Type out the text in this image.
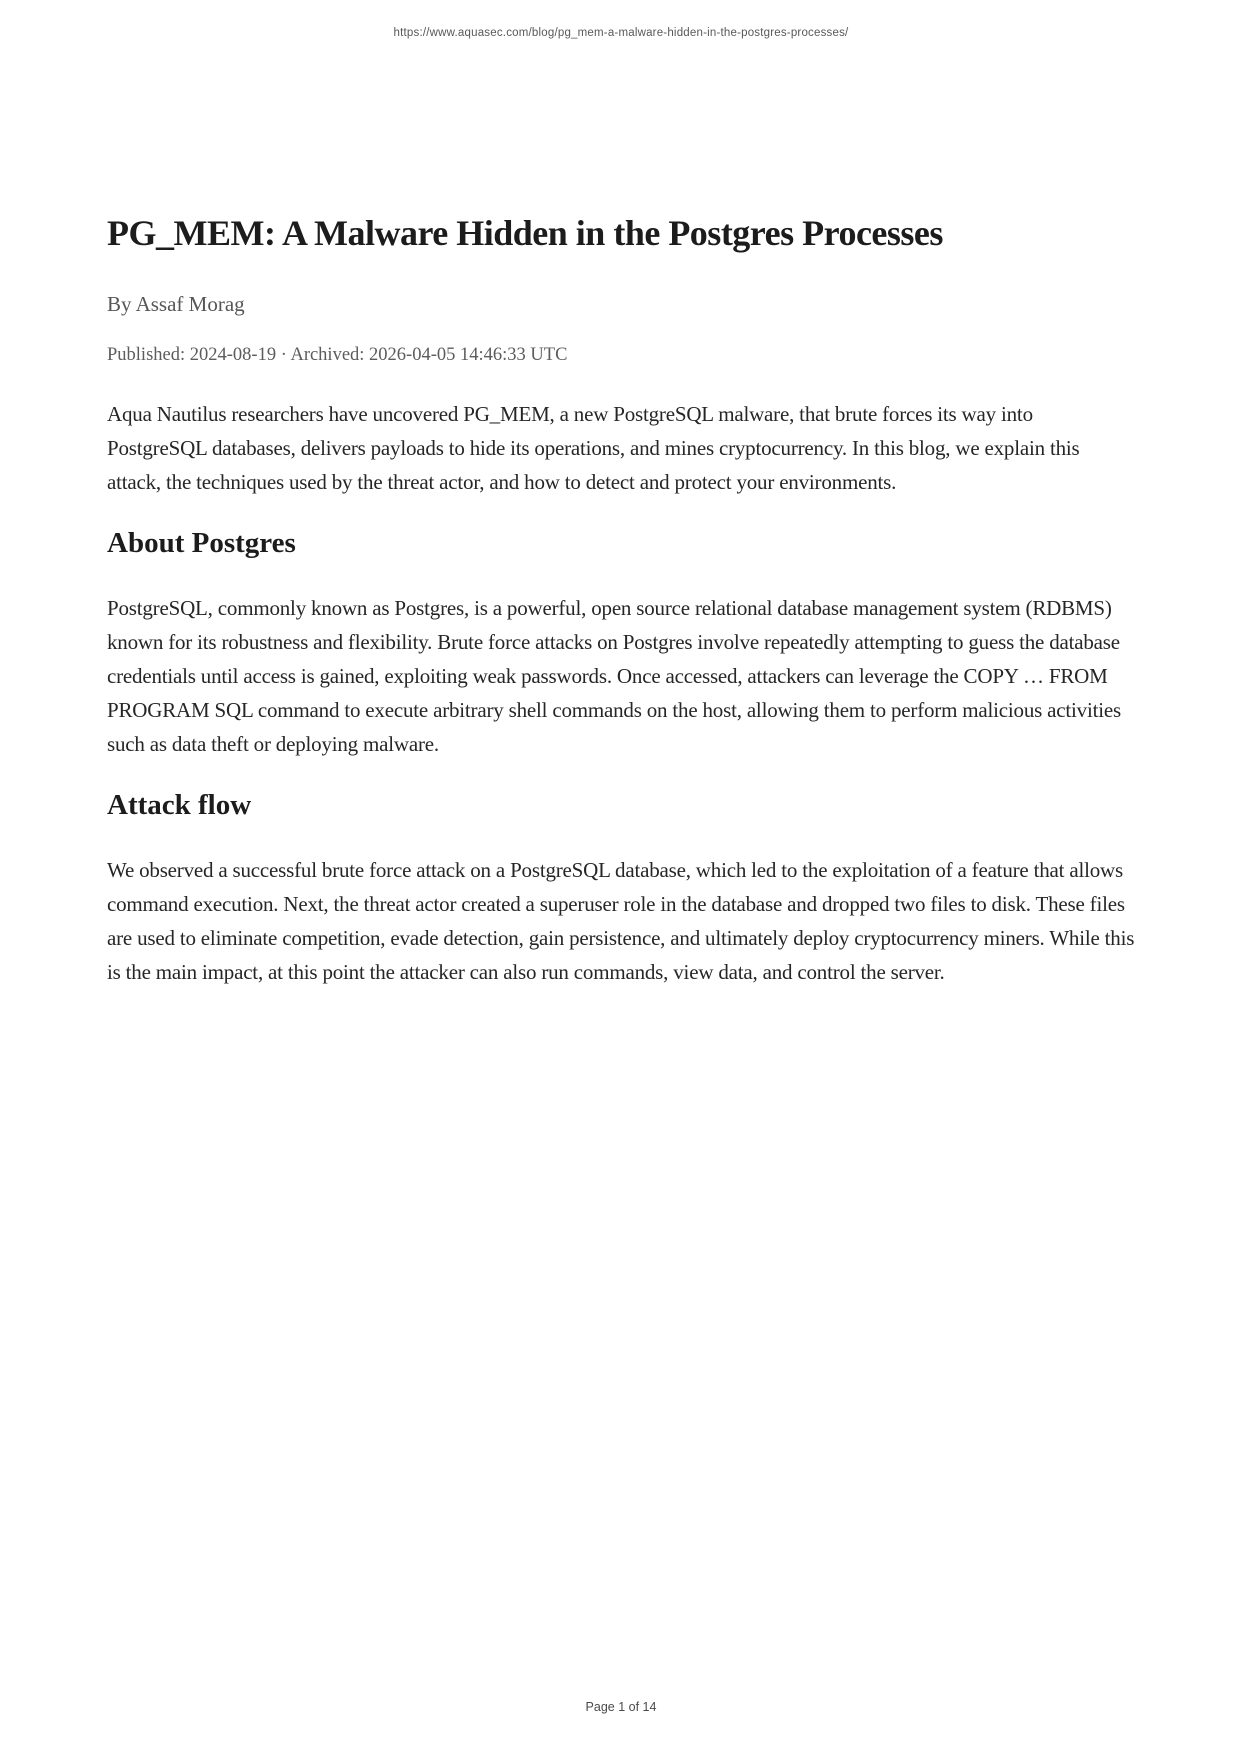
https://www.aquasec.com/blog/pg_mem-a-malware-hidden-in-the-postgres-processes/
PG_MEM: A Malware Hidden in the Postgres Processes
By Assaf Morag
Published: 2024-08-19 · Archived: 2026-04-05 14:46:33 UTC

Aqua Nautilus researchers have uncovered PG_MEM, a new PostgreSQL malware, that brute forces its way into PostgreSQL databases, delivers payloads to hide its operations, and mines cryptocurrency. In this blog, we explain this attack, the techniques used by the threat actor, and how to detect and protect your environments.

About Postgres

PostgreSQL, commonly known as Postgres, is a powerful, open source relational database management system (RDBMS) known for its robustness and flexibility. Brute force attacks on Postgres involve repeatedly attempting to guess the database credentials until access is gained, exploiting weak passwords. Once accessed, attackers can leverage the COPY … FROM PROGRAM SQL command to execute arbitrary shell commands on the host, allowing them to perform malicious activities such as data theft or deploying malware.

Attack flow

We observed a successful brute force attack on a PostgreSQL database, which led to the exploitation of a feature that allows command execution. Next, the threat actor created a superuser role in the database and dropped two files to disk. These files are used to eliminate competition, evade detection, gain persistence, and ultimately deploy cryptocurrency miners. While this is the main impact, at this point the attacker can also run commands, view data, and control the server.

Page 1 of 14
